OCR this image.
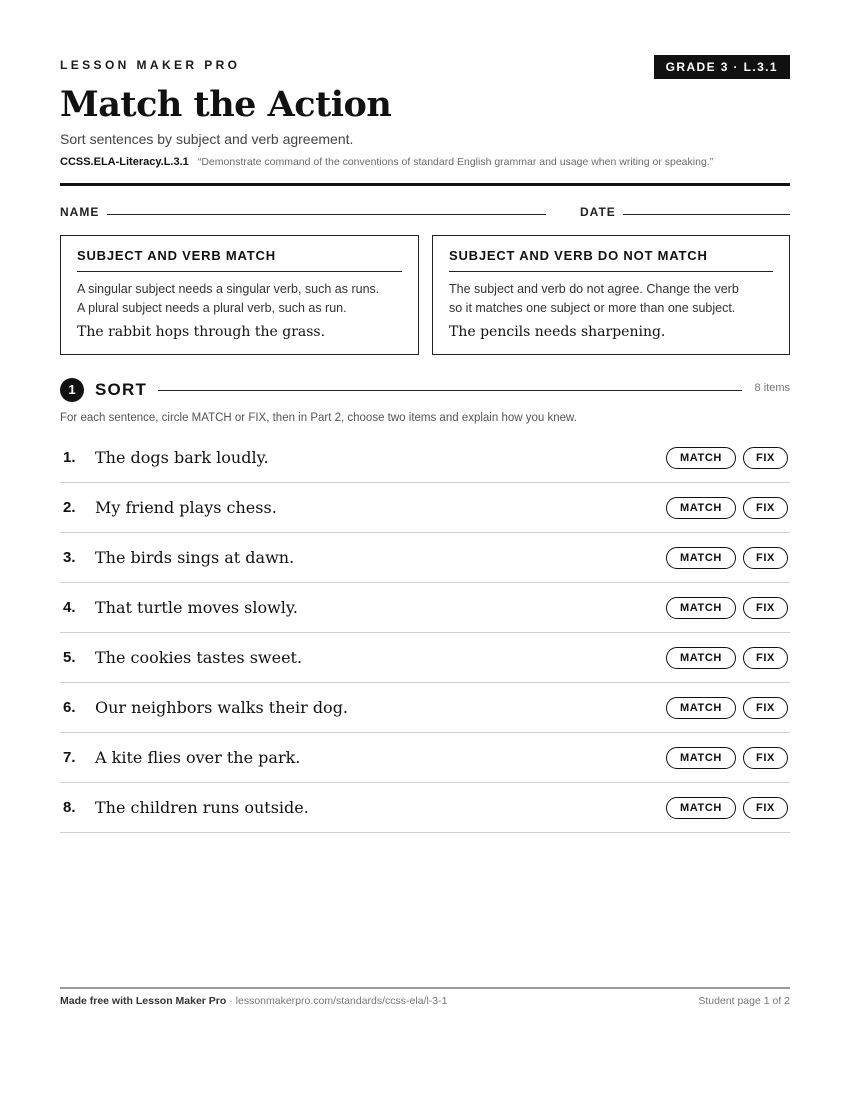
LESSON MAKER PRO	GRADE 3 · L.3.1
Match the Action
Sort sentences by subject and verb agreement.
CCSS.ELA-Literacy.L.3.1 “Demonstrate command of the conventions of standard English grammar and usage when writing or speaking.”
NAME	DATE
SUBJECT AND VERB MATCH

A singular subject needs a singular verb, such as runs.
A plural subject needs a plural verb, such as run.

The rabbit hops through the grass.

SUBJECT AND VERB DO NOT MATCH

The subject and verb do not agree. Change the verb
so it matches one subject or more than one subject.

The pencils needs sharpening.

1	SORT	8 items
For each sentence, circle MATCH or FIX, then in Part 2, choose two items and explain how you knew.
1. The dogs bark loudly.	MATCH	FIX
2. My friend plays chess.	MATCH	FIX
3. The birds sings at dawn.	MATCH	FIX
4. That turtle moves slowly.	MATCH	FIX
5. The cookies tastes sweet.	MATCH	FIX
6. Our neighbors walks their dog.	MATCH	FIX
7. A kite flies over the park.	MATCH	FIX
8. The children runs outside.	MATCH	FIX
Made free with Lesson Maker Pro · lessonmakerpro.com/standards/ccss-ela/l-3-1	Student page 1 of 2
